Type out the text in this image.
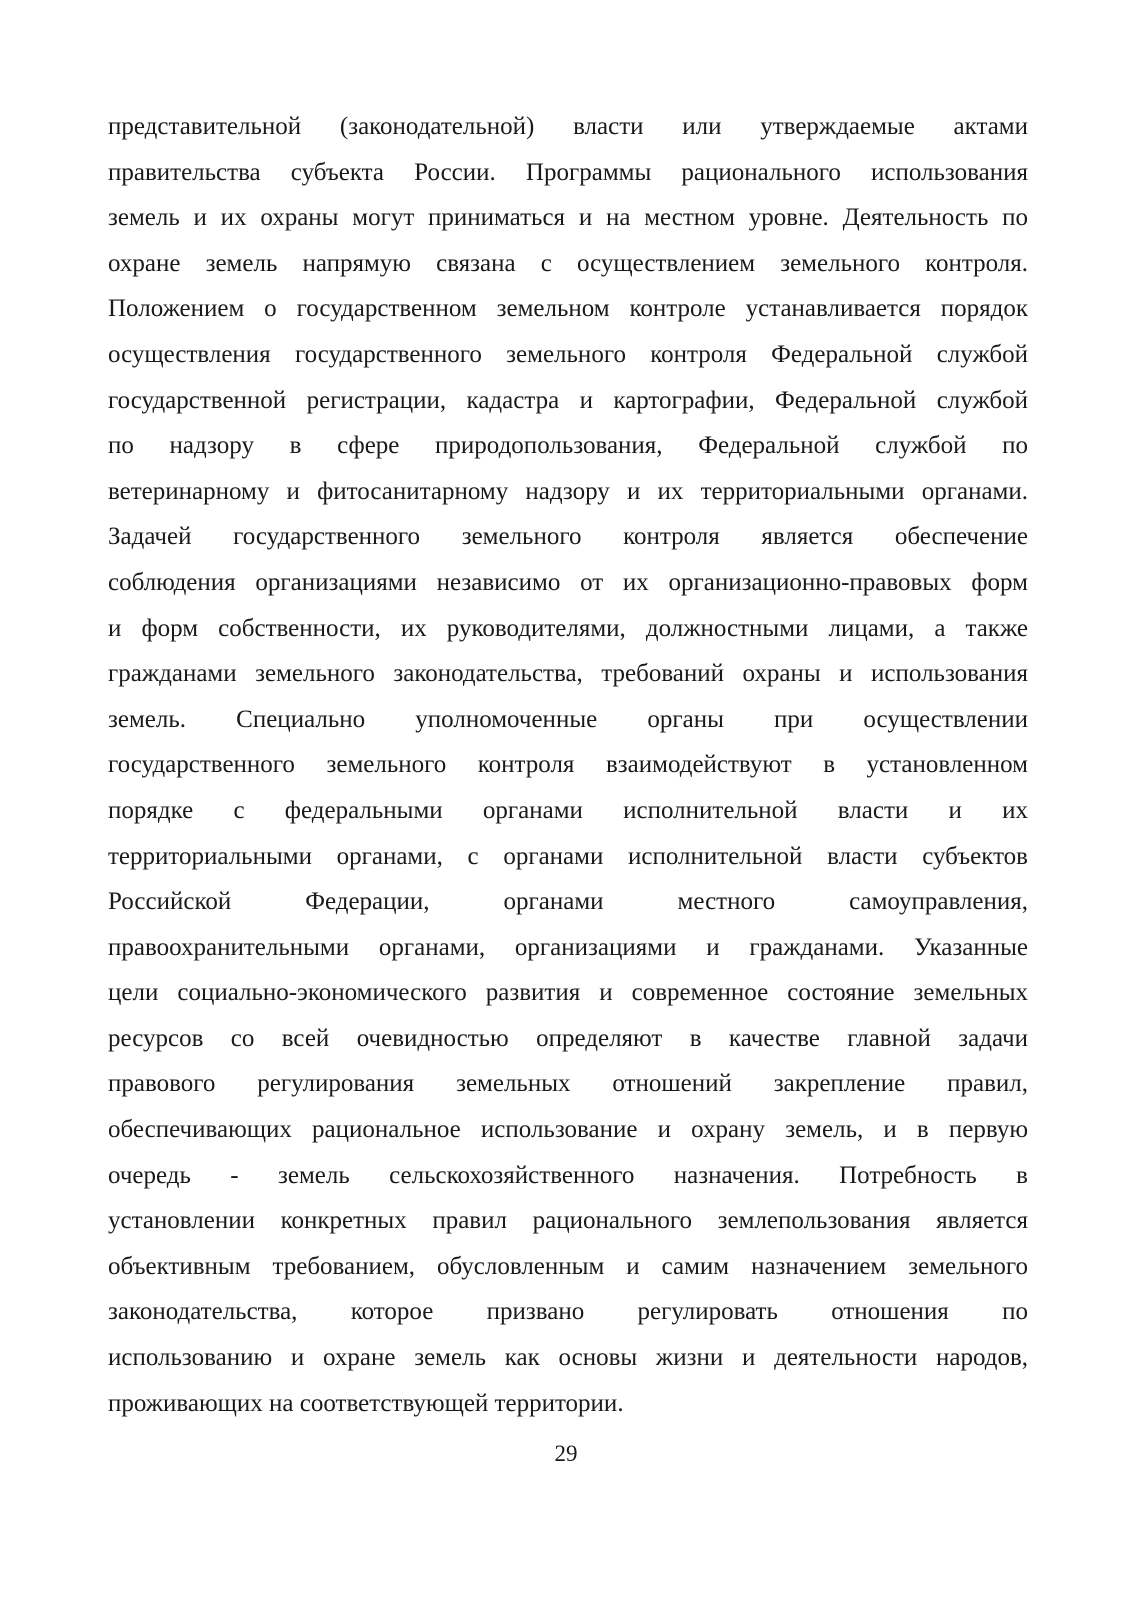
представительной (законодательной) власти или утверждаемые актами
правительства субъекта России. Программы рационального использования
земель и их охраны могут приниматься и на местном уровне. Деятельность по
охране земель напрямую связана с осуществлением земельного контроля.
Положением о государственном земельном контроле устанавливается порядок
осуществления государственного земельного контроля Федеральной службой
государственной регистрации, кадастра и картографии, Федеральной службой
по надзору в сфере природопользования, Федеральной службой по
ветеринарному и фитосанитарному надзору и их территориальными органами.
Задачей государственного земельного контроля является обеспечение
соблюдения организациями независимо от их организационно-правовых форм
и форм собственности, их руководителями, должностными лицами, а также
гражданами земельного законодательства, требований охраны и использования
земель. Специально уполномоченные органы при осуществлении
государственного земельного контроля взаимодействуют в установленном
порядке с федеральными органами исполнительной власти и их
территориальными органами, с органами исполнительной власти субъектов
Российской Федерации, органами местного самоуправления,
правоохранительными органами, организациями и гражданами. Указанные
цели социально-экономического развития и современное состояние земельных
ресурсов со всей очевидностью определяют в качестве главной задачи
правового регулирования земельных отношений закрепление правил,
обеспечивающих рациональное использование и охрану земель, и в первую
очередь - земель сельскохозяйственного назначения. Потребность в
установлении конкретных правил рационального землепользования является
объективным требованием, обусловленным и самим назначением земельного
законодательства, которое призвано регулировать отношения по
использованию и охране земель как основы жизни и деятельности народов,
проживающих на соответствующей территории.
29
